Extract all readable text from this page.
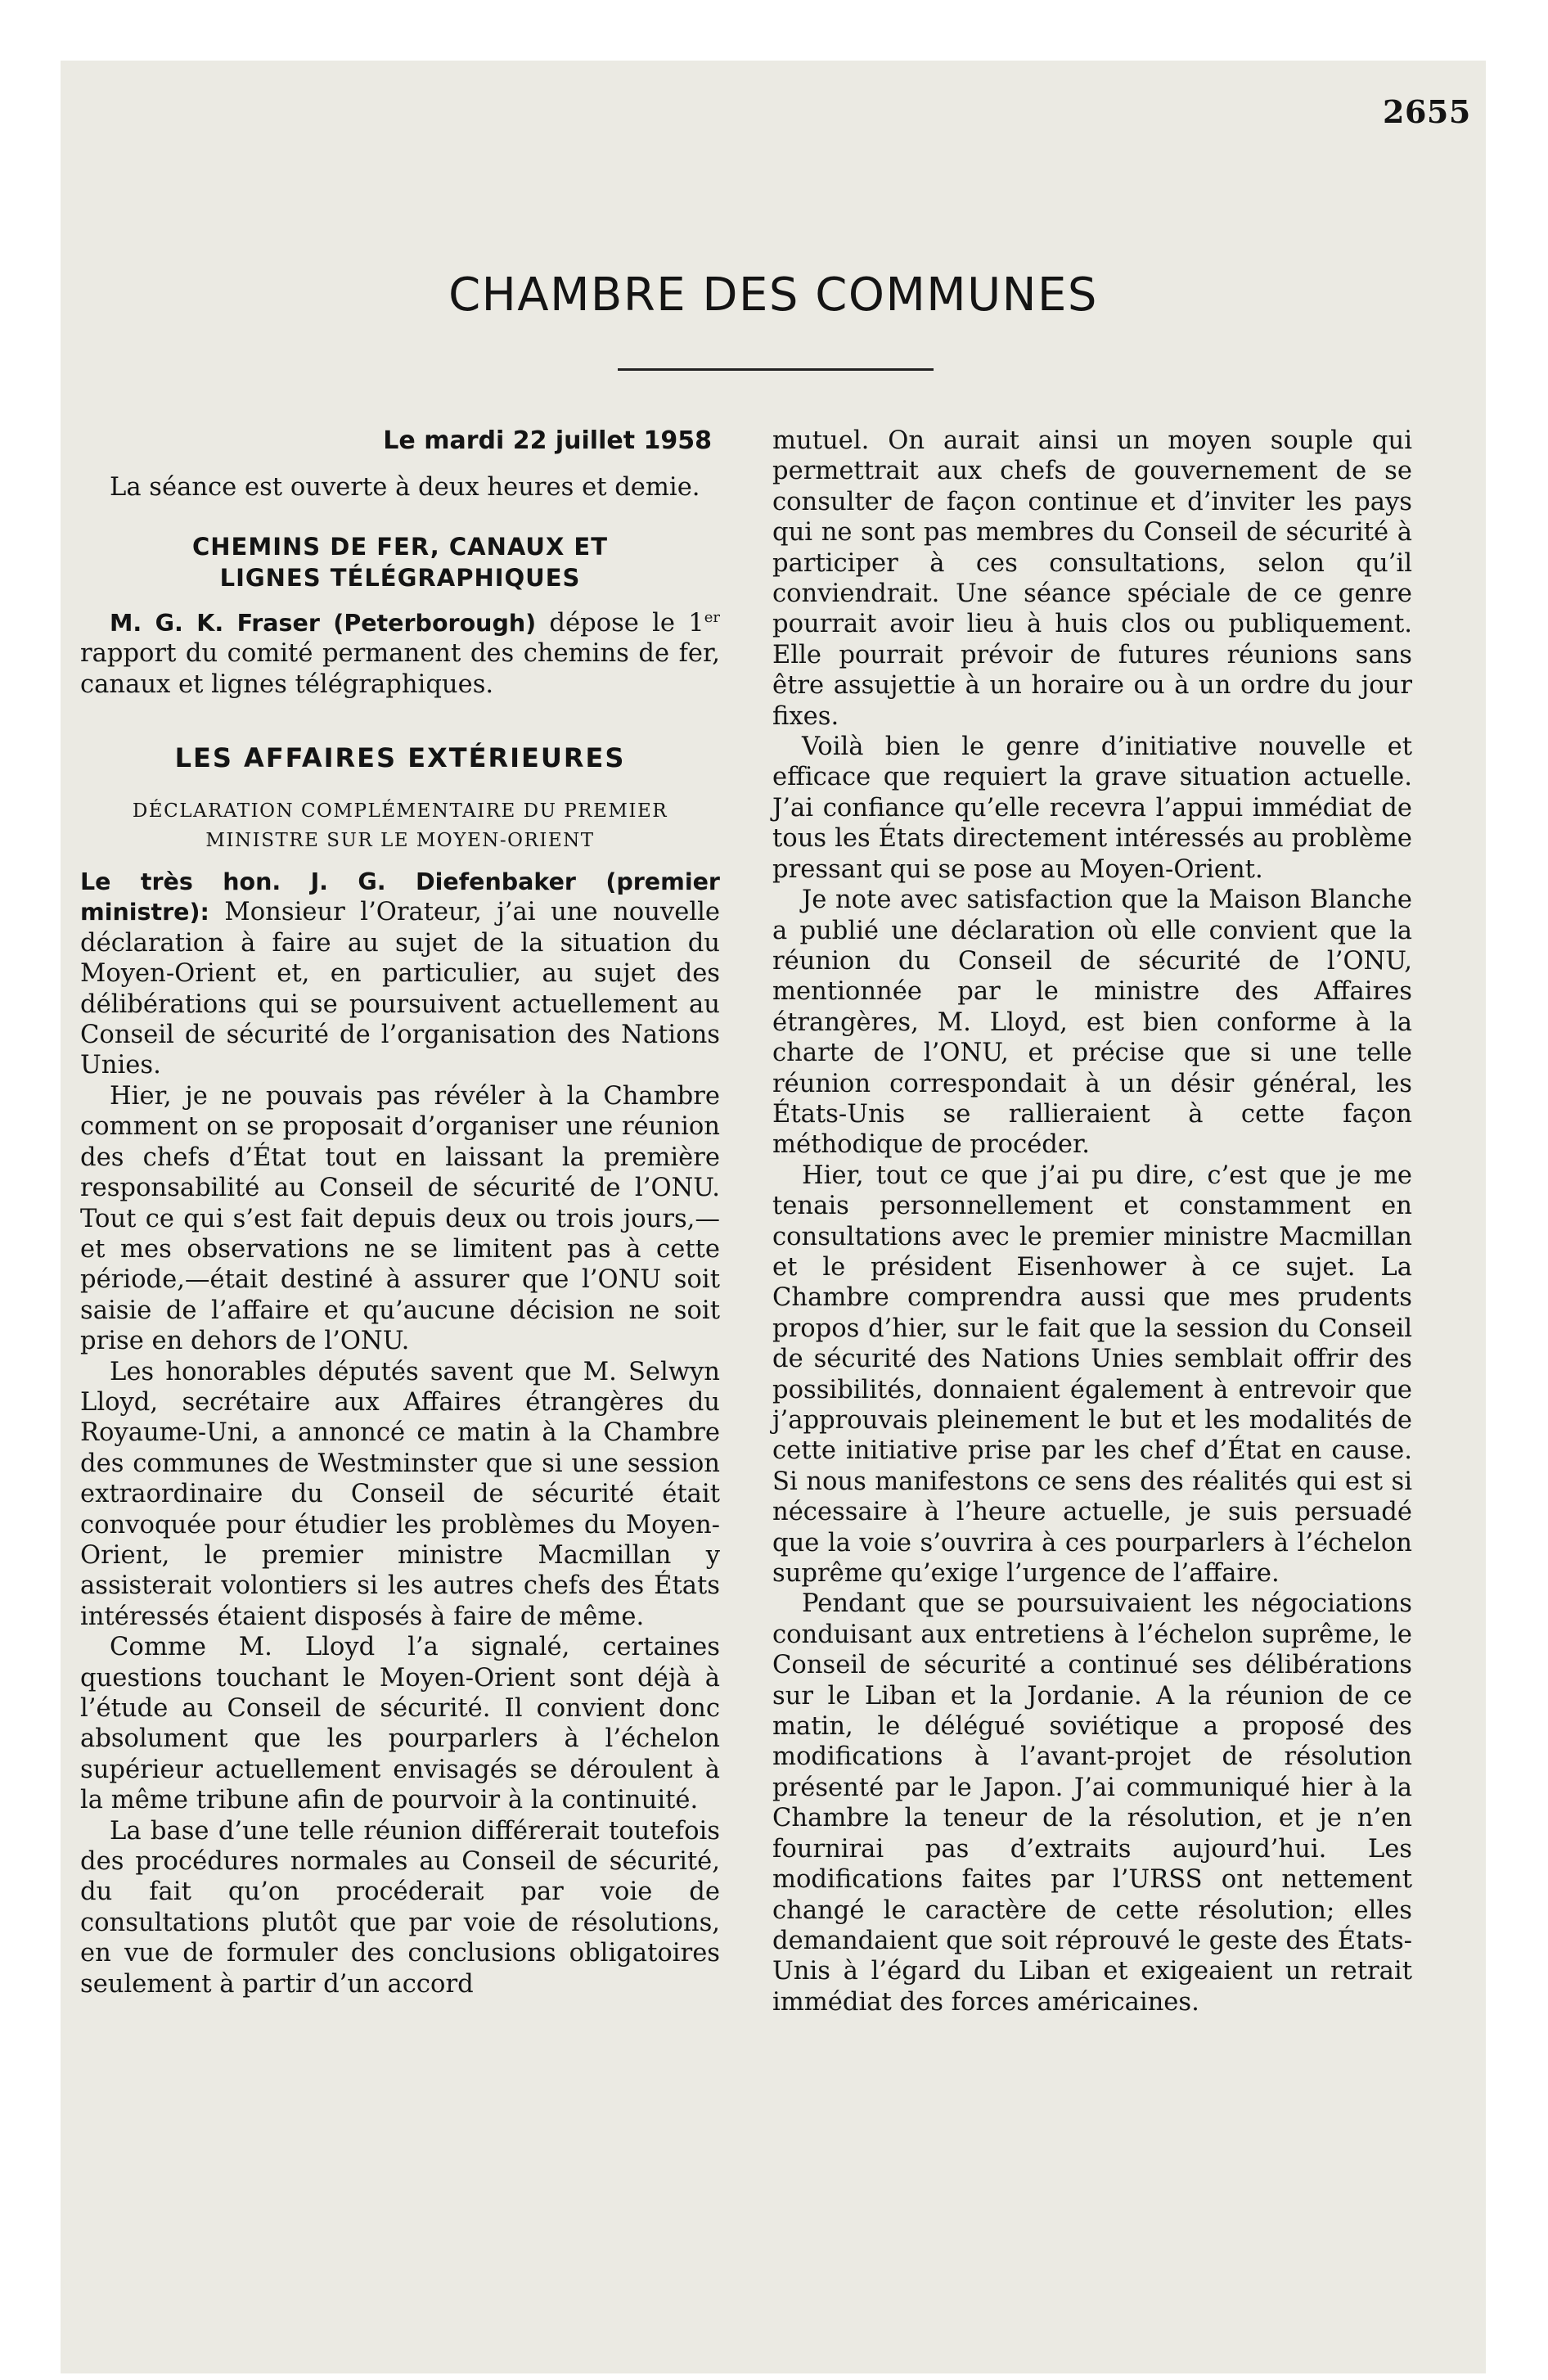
2655
CHAMBRE DES COMMUNES

Le mardi 22 juillet 1958

La séance est ouverte à deux heures et demie.

CHEMINS DE FER, CANAUX ET
LIGNES TÉLÉGRAPHIQUES

M. G. K. Fraser (Peterborough) dépose le 1er rapport du comité permanent des chemins de fer, canaux et lignes télégraphiques.

LES AFFAIRES EXTÉRIEURES
DÉCLARATION COMPLÉMENTAIRE DU PREMIER
MINISTRE SUR LE MOYEN-ORIENT

Le très hon. J. G. Diefenbaker (premier ministre): Monsieur l’Orateur, j’ai une nouvelle déclaration à faire au sujet de la situation du Moyen-Orient et, en particulier, au sujet des délibérations qui se poursuivent actuellement au Conseil de sécurité de l’organisation des Nations Unies.

Hier, je ne pouvais pas révéler à la Chambre comment on se proposait d’organiser une réunion des chefs d’État tout en laissant la première responsabilité au Conseil de sécurité de l’ONU. Tout ce qui s’est fait depuis deux ou trois jours,—et mes observations ne se limitent pas à cette période,—était destiné à assurer que l’ONU soit saisie de l’affaire et qu’aucune décision ne soit prise en dehors de l’ONU.

Les honorables députés savent que M. Selwyn Lloyd, secrétaire aux Affaires étrangères du Royaume-Uni, a annoncé ce matin à la Chambre des communes de Westminster que si une session extraordinaire du Conseil de sécurité était convoquée pour étudier les problèmes du Moyen-Orient, le premier ministre Macmillan y assisterait volontiers si les autres chefs des États intéressés étaient disposés à faire de même.

Comme M. Lloyd l’a signalé, certaines questions touchant le Moyen-Orient sont déjà à l’étude au Conseil de sécurité. Il convient donc absolument que les pourparlers à l’échelon supérieur actuellement envisagés se déroulent à la même tribune afin de pourvoir à la continuité.

La base d’une telle réunion différerait toutefois des procédures normales au Conseil de sécurité, du fait qu’on procéderait par voie de consultations plutôt que par voie de résolutions, en vue de formuler des conclusions obligatoires seulement à partir d’un accord

mutuel. On aurait ainsi un moyen souple qui permettrait aux chefs de gouvernement de se consulter de façon continue et d’inviter les pays qui ne sont pas membres du Conseil de sécurité à participer à ces consultations, selon qu’il conviendrait. Une séance spéciale de ce genre pourrait avoir lieu à huis clos ou publiquement. Elle pourrait prévoir de futures réunions sans être assujettie à un horaire ou à un ordre du jour fixes.

Voilà bien le genre d’initiative nouvelle et efficace que requiert la grave situation actuelle. J’ai confiance qu’elle recevra l’appui immédiat de tous les États directement intéressés au problème pressant qui se pose au Moyen-Orient.

Je note avec satisfaction que la Maison Blanche a publié une déclaration où elle convient que la réunion du Conseil de sécurité de l’ONU, mentionnée par le ministre des Affaires étrangères, M. Lloyd, est bien conforme à la charte de l’ONU, et précise que si une telle réunion correspondait à un désir général, les États-Unis se rallieraient à cette façon méthodique de procéder.

Hier, tout ce que j’ai pu dire, c’est que je me tenais personnellement et constamment en consultations avec le premier ministre Macmillan et le président Eisenhower à ce sujet. La Chambre comprendra aussi que mes prudents propos d’hier, sur le fait que la session du Conseil de sécurité des Nations Unies semblait offrir des possibilités, donnaient également à entrevoir que j’approuvais pleinement le but et les modalités de cette initiative prise par les chef d’État en cause. Si nous manifestons ce sens des réalités qui est si nécessaire à l’heure actuelle, je suis persuadé que la voie s’ouvrira à ces pourparlers à l’échelon suprême qu’exige l’urgence de l’affaire.

Pendant que se poursuivaient les négociations conduisant aux entretiens à l’échelon suprême, le Conseil de sécurité a continué ses délibérations sur le Liban et la Jordanie. A la réunion de ce matin, le délégué soviétique a proposé des modifications à l’avant-projet de résolution présenté par le Japon. J’ai communiqué hier à la Chambre la teneur de la résolution, et je n’en fournirai pas d’extraits aujourd’hui. Les modifications faites par l’URSS ont nettement changé le caractère de cette résolution; elles demandaient que soit réprouvé le geste des États-Unis à l’égard du Liban et exigeaient un retrait immédiat des forces américaines.
